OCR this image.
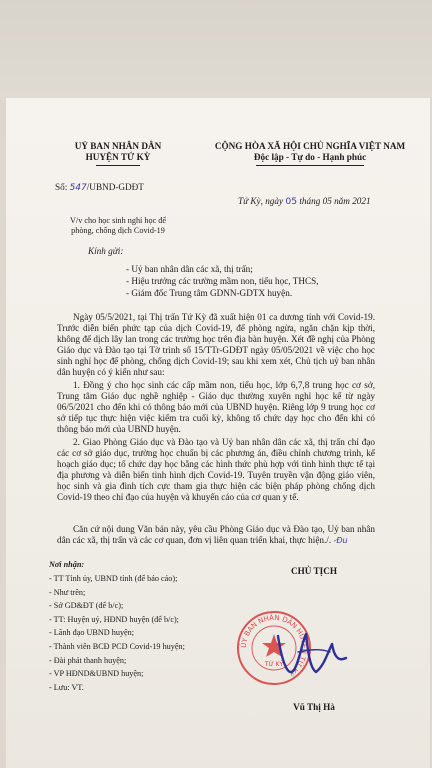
UỶ BAN NHÂN DÂN
HUYỆN TỨ KỲ
CỘNG HÒA XÃ HỘI CHỦ NGHĨA VIỆT NAM
Độc lập - Tự do - Hạnh phúc
Số: 547/UBND-GDĐT
Tứ Kỳ, ngày 05 tháng 05 năm 2021
V/v cho học sinh nghỉ học để
phòng, chống dịch Covid-19
Kính gửi:
- Uỷ ban nhân dân các xã, thị trấn;
- Hiệu trưởng các trường mầm non, tiểu học, THCS,
- Giám đốc Trung tâm GDNN-GDTX huyện.
Ngày 05/5/2021, tại Thị trấn Tứ Kỳ đã xuất hiện 01 ca dương tính với Covid-19. Trước diễn biến phức tạp của dịch Covid-19, để phòng ngừa, ngăn chặn kịp thời, không để dịch lây lan trong các trường học trên địa bàn huyện. Xét đề nghị của Phòng Giáo dục và Đào tạo tại Tờ trình số 15/TTr-GDĐT ngày 05/05/2021 về việc cho học sinh nghỉ học để phòng, chống dịch Covid-19; sau khi xem xét, Chủ tịch uỷ ban nhân dân huyện có ý kiến như sau:
1. Đồng ý cho học sinh các cấp mầm non, tiểu học, lớp 6,7,8 trung học cơ sở, Trung tâm Giáo dục nghề nghiệp - Giáo dục thường xuyên nghỉ học kể từ ngày 06/5/2021 cho đến khi có thông báo mới của UBND huyện. Riêng lớp 9 trung học cơ sở tiếp tục thực hiện việc kiểm tra cuối kỳ, không tổ chức dạy học cho đến khi có thông báo mới của UBND huyện.
2. Giao Phòng Giáo dục và Đào tạo và Uỷ ban nhân dân các xã, thị trấn chỉ đạo các cơ sở giáo dục, trường học chuẩn bị các phương án, điều chỉnh chương trình, kế hoạch giáo dục; tổ chức dạy học bằng các hình thức phù hợp với tình hình thực tế tại địa phương và diễn biến tình hình dịch Covid-19. Tuyên truyền vận động giáo viên, học sinh và gia đình tích cực tham gia thực hiện các biện pháp phòng chống dịch Covid-19 theo chỉ đạo của huyện và khuyến cáo của cơ quan y tế.
Căn cứ nội dung Văn bản này, yêu cầu Phòng Giáo dục và Đào tạo, Uỷ ban nhân dân các xã, thị trấn và các cơ quan, đơn vị liên quan triển khai, thực hiện./. -Đu
Nơi nhận:
- TT Tỉnh ủy, UBND tỉnh (để báo cáo);
- Như trên;
- Sở GD&ĐT (để b/c);
- TT: Huyện uỷ, HĐND huyện (để b/c);
- Lãnh đạo UBND huyện;
- Thành viên BCĐ PCD Covid-19 huyện;
- Đài phát thanh huyện;
- VP HĐND&UBND huyện;
- Lưu: VT.
CHỦ TỊCH
ỦY BAN NHÂN DÂN HUYỆN TỨ KỲ
TỨ KỲ
Vũ Thị Hà
